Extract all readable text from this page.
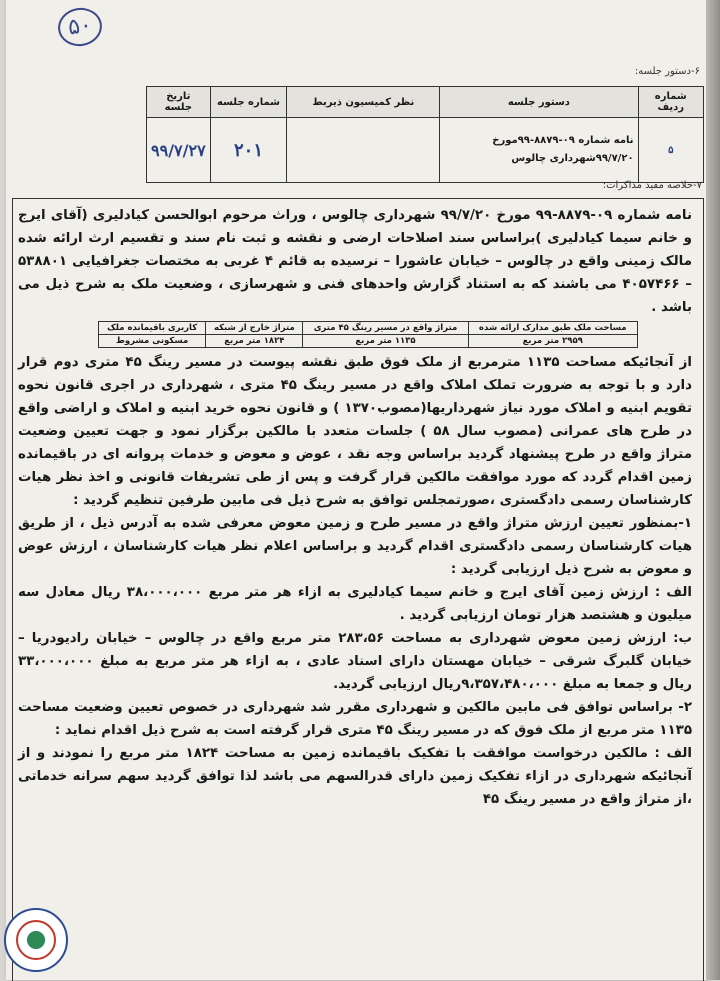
۵۰
۶-دستور جلسه:
شماره ردیف	دستور جلسه	نظر کمیسیون ذیربط	شماره جلسه	تاریخ جلسه
۵	نامه شماره ۰۹-۸۸۷۹-۹۹مورخ ۹۹/۷/۲۰شهرداری چالوس		۲۰۱	۹۹/۷/۲۷
۷-خلاصه مفید مذاکرات:

نامه شماره ۰۹-۸۸۷۹-۹۹ مورخ ۹۹/۷/۲۰ شهرداری چالوس ، وراث مرحوم ابوالحسن کیادلیری (آقای ایرج و خانم سیما کیادلیری )براساس سند اصلاحات ارضی و نقشه و ثبت نام سند و تقسیم ارث ارائه شده مالک زمینی واقع در چالوس – خیابان عاشورا – نرسیده به قائم ۴ غربی به مختصات جغرافیایی ۵۳۸۸۰۱ – ۴۰۵۷۴۶۶ می باشند که به استناد گزارش واحدهای فنی و شهرسازی ، وضعیت ملک به شرح ذیل می باشد .

مساحت ملک طبق مدارک ارائه شده	متراژ واقع در مسیر رینگ ۴۵ متری	متراژ خارج از شبکه	کاربری باقیمانده ملک
۲۹۵۹ متر مربع	۱۱۳۵ متر مربع	۱۸۲۴ متر مربع	مسکونی مشروط

از آنجائیکه مساحت ۱۱۳۵ مترمربع از ملک فوق طبق نقشه پیوست در مسیر رینگ ۴۵ متری دوم قرار دارد و با توجه به ضرورت تملک املاک واقع در مسیر رینگ ۴۵ متری ، شهرداری در اجری قانون نحوه تقویم ابنیه و املاک مورد نیاز شهرداریها(مصوب۱۳۷۰ ) و قانون نحوه خرید ابنیه و املاک و اراضی واقع در طرح های عمرانی (مصوب سال ۵۸ ) جلسات متعدد با مالکین برگزار نمود و جهت تعیین وضعیت متراژ واقع در طرح پیشنهاد گردید براساس وجه نقد ، عوض و معوض و خدمات پروانه ای در باقیمانده زمین اقدام گردد که مورد موافقت مالکین قرار گرفت و پس از طی تشریفات قانونی و اخذ نظر هیات کارشناسان رسمی دادگستری ،صورتمجلس توافق به شرح ذیل فی مابین طرفین تنظیم گردید :

۱-بمنظور تعیین ارزش متراژ واقع در مسیر طرح و زمین معوض معرفی شده به آدرس ذیل ، از طریق هیات کارشناسان رسمی دادگستری اقدام گردید و براساس اعلام نظر هیات کارشناسان ، ارزش عوض و معوض به شرح ذیل ارزیابی گردید :

الف : ارزش زمین آقای ایرج و خانم سیما کیادلیری به ازاء هر متر مربع ۳۸،۰۰۰،۰۰۰ ریال معادل سه میلیون و هشتصد هزار تومان ارزیابی گردید .

ب: ارزش زمین معوض شهرداری به مساحت ۲۸۳،۵۶ متر مربع واقع در چالوس – خیابان رادیودریا – خیابان گلبرگ شرقی – خیابان مهستان دارای اسناد عادی ، به ازاء هر متر مربع به مبلغ ۳۳،۰۰۰،۰۰۰ ریال و جمعا به مبلغ ۹،۳۵۷،۴۸۰،۰۰۰ریال ارزیابی گردید.

۲- براساس توافق فی مابین مالکین و شهرداری مقرر شد شهرداری در خصوص تعیین وضعیت مساحت ۱۱۳۵ متر مربع از ملک فوق که در مسیر رینگ ۴۵ متری قرار گرفته است به شرح ذیل اقدام نماید :

الف : مالکین درخواست موافقت با تفکیک باقیمانده زمین به مساحت ۱۸۲۴ متر مربع را نمودند و از آنجائیکه شهرداری در ازاء تفکیک زمین دارای قدرالسهم می باشد لذا توافق گردید سهم سرانه خدماتی ،از متراژ واقع در مسیر رینگ ۴۵
